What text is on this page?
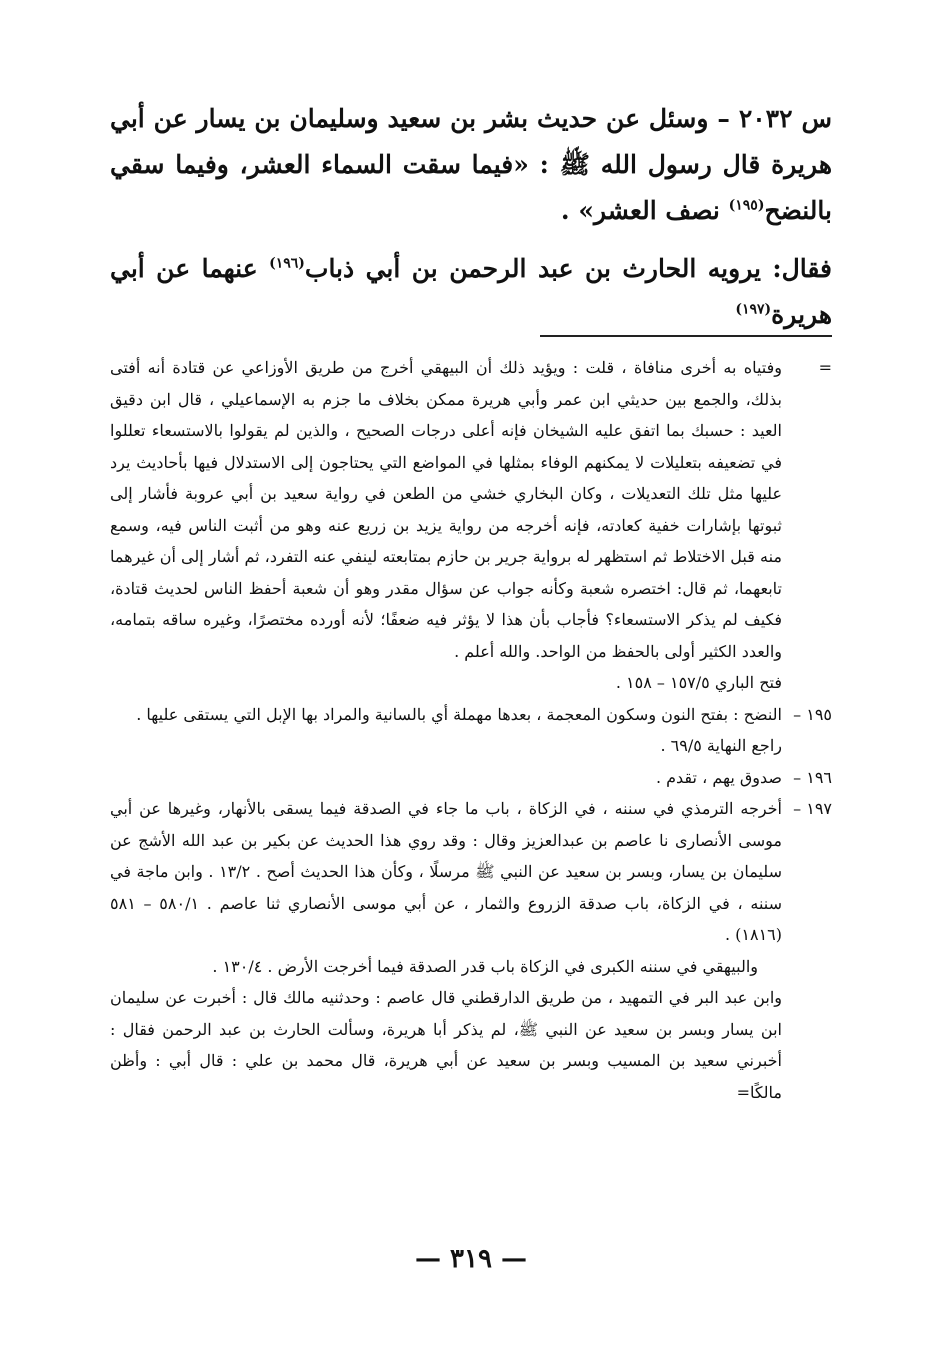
س ٢٠٣٢ – وسئل عن حديث بشر بن سعيد وسليمان بن يسار عن أبي هريرة قال رسول الله ﷺ : «فيما سقت السماء العشر، وفيما سقي بالنضح$^{(١٩٥)}$ نصف العشر» .

فقال: يرويه الحارث بن عبد الرحمن بن أبي ذباب$^{(١٩٦)}$ عنهما عن أبي هريرة$^{(١٩٧)}$

=

وفتياه به أخرى منافاة ، قلت : ويؤيد ذلك أن البيهقي أخرج من طريق الأوزاعي عن قتادة أنه أفتى بذلك، والجمع بين حديثي ابن عمر وأبي هريرة ممكن بخلاف ما جزم به الإسماعيلي ، قال ابن دقيق العيد : حسبك بما اتفق عليه الشيخان فإنه أعلى درجات الصحيح ، والذين لم يقولوا بالاستسعاء تعللوا في تضعيفه بتعليلات لا يمكنهم الوفاء بمثلها في المواضع التي يحتاجون إلى الاستدلال فيها بأحاديث يرد عليها مثل تلك التعديلات ، وكان البخاري خشي من الطعن في رواية سعيد بن أبي عروبة فأشار إلى ثبوتها بإشارات خفية كعادته، فإنه أخرجه من رواية يزيد بن زريع عنه وهو من أثبت الناس فيه، وسمع منه قبل الاختلاط ثم استظهر له برواية جرير بن حازم بمتابعته لينفي عنه التفرد، ثم أشار إلى أن غيرهما تابعهما، ثم قال: اختصره شعبة وكأنه جواب عن سؤال مقدر وهو أن شعبة أحفظ الناس لحديث قتادة، فكيف لم يذكر الاستسعاء؟ فأجاب بأن هذا لا يؤثر فيه ضعفًا؛ لأنه أورده مختصرًا، وغيره ساقه بتمامه، والعدد الكثير أولى بالحفظ من الواحد. والله أعلم .

فتح الباري ١٥٧/٥ – ١٥٨ .

١٩٥ –

النضح : بفتح النون وسكون المعجمة ، بعدها مهملة أي بالسانية والمراد بها الإبل التي يستقى عليها .

راجع النهاية ٦٩/٥ .

١٩٦ –

صدوق يهم ، تقدم .

١٩٧ –

أخرجه الترمذي في سننه ، في الزكاة ، باب ما جاء في الصدقة فيما يسقى بالأنهار، وغيرها عن أبي موسى الأنصارى نا عاصم بن عبدالعزيز وقال : وقد روي هذا الحديث عن بكير بن عبد الله الأشج عن سليمان بن يسار، وبسر بن سعيد عن النبي ﷺ مرسلًا ، وكأن هذا الحديث أصح . ١٣/٢ . وابن ماجة في سننه ، في الزكاة، باب صدقة الزروع والثمار ، عن أبي موسى الأنصاري ثنا عاصم . ٥٨٠/١ – ٥٨١ (١٨١٦) .

والبيهقي في سننه الكبرى في الزكاة باب قدر الصدقة فيما أخرجت الأرض . ١٣٠/٤ .

وابن عبد البر في التمهيد ، من طريق الدارقطني قال عاصم : وحدثنيه مالك قال : أخبرت عن سليمان ابن يسار وبسر بن سعيد عن النبي ﷺ، لم يذكر أبا هريرة، وسألت الحارث بن عبد الرحمن فقال : أخبرني سعيد بن المسيب وبسر بن سعيد عن أبي هريرة، قال محمد بن علي : قال أبي : وأظن مالكًا=

— ٣١٩ —
